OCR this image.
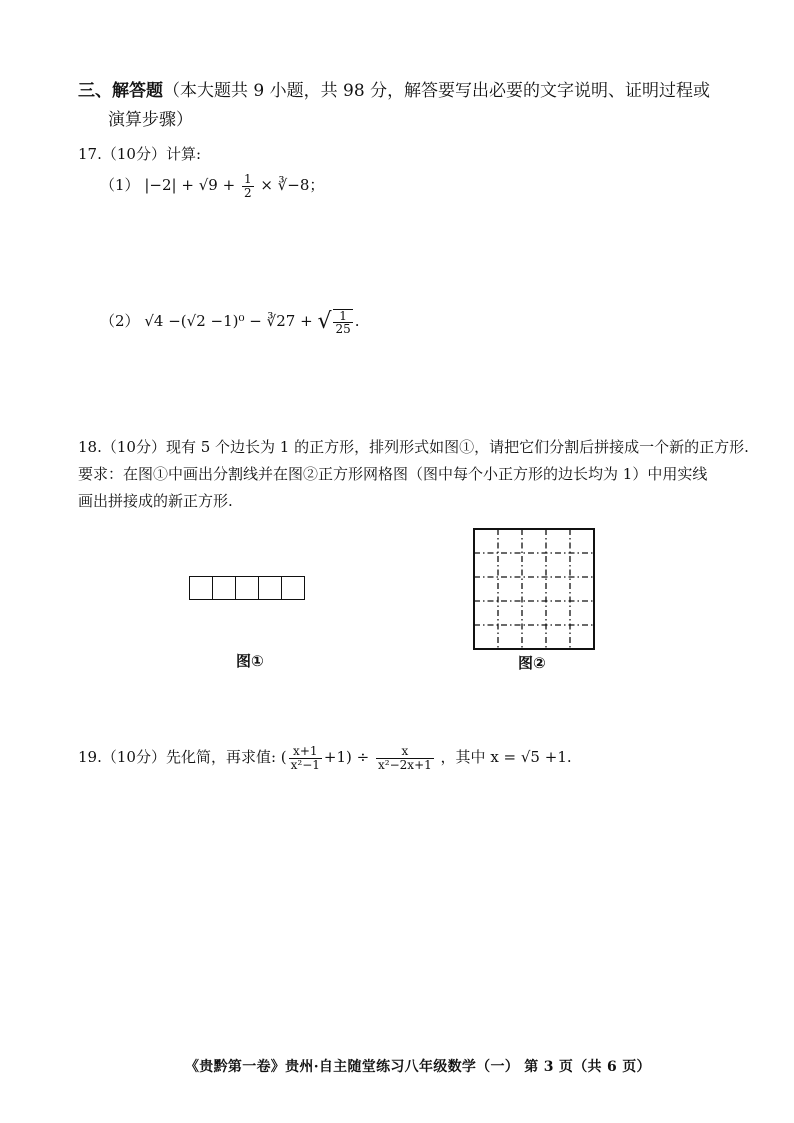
三、解答题（本大题共 9 小题，共 98 分，解答要写出必要的文字说明、证明过程或
演算步骤）
17.（10分）计算:
（1） $|-2| + √9 + \frac{1}{2}$ × ∛−8；
（2） √4 −(√2 −1)⁰ − ∛27 + √ $\frac{1}{25}$ .
18.（10分）现有 5 个边长为 1 的正方形，排列形式如图①，请把它们分割后拼接成一个新的正方形.
要求：在图①中画出分割线并在图②正方形网格图（图中每个小正方形的边长均为 1）中用实线
画出拼接成的新正方形.
图①	图②
19.（10分）先化简，再求值: ( $\frac{x+1}{\text{x²−1}} +1) \div \frac{x}{\text{x²−2x+1}}$ ，其中 x = √5 +1.
《贵黔第一卷》贵州·自主随堂练习八年级数学（一） 第 3 页（共 6 页）
